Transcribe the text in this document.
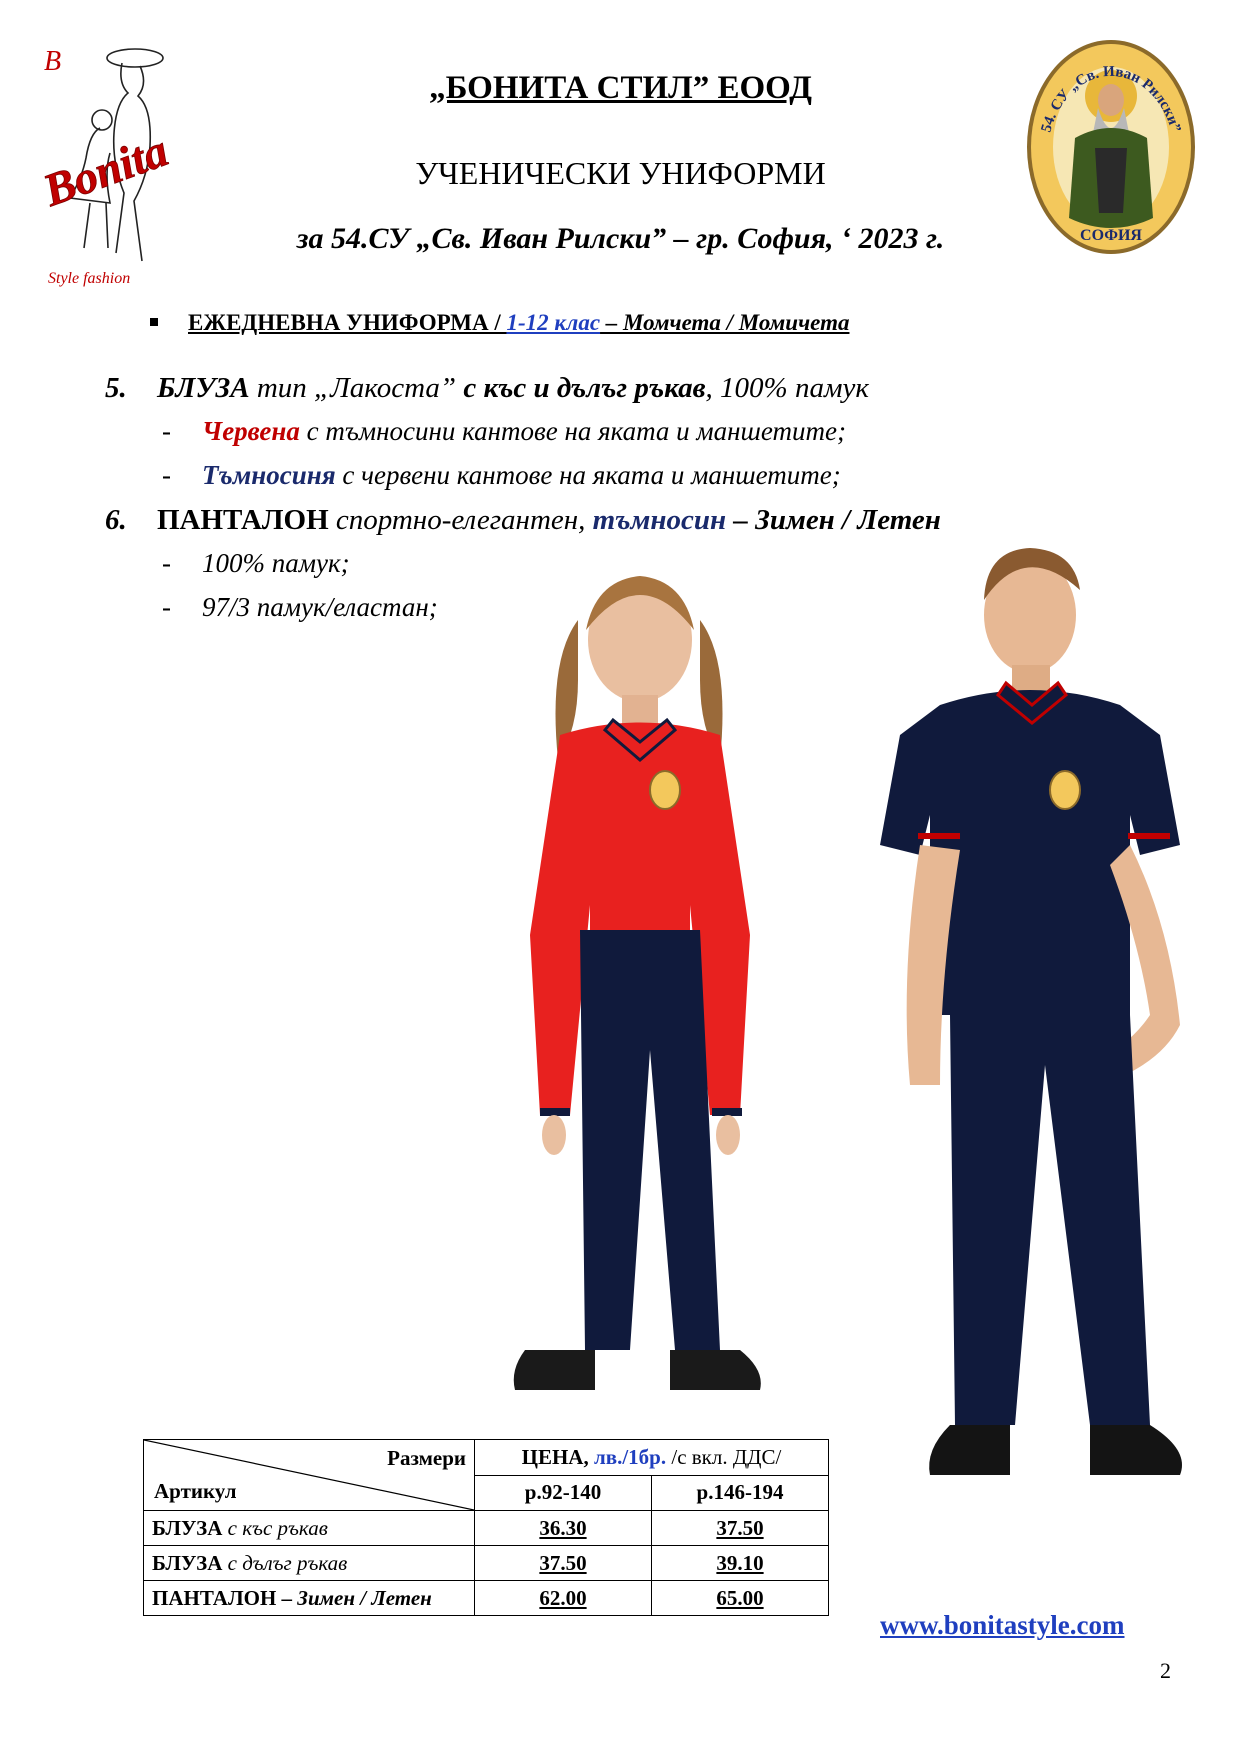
B
Bonita
Style fashion
54. СУ „Св. Иван Рилски”
СОФИЯ
„БОНИТА СТИЛ” ЕООД
УЧЕНИЧЕСКИ УНИФОРМИ
за 54.СУ „Св. Иван Рилски” – гр. София, ‘ 2023 г.
ЕЖЕДНЕВНА УНИФОРМА / 1-12 клас – Момчета / Момичета
5. БЛУЗА тип „Лакоста” с къс и дълъг ръкав, 100% памук
- Червена с тъмносини кантове на яката и маншетите;
- Тъмносиня с червени кантове на яката и маншетите;
6. ПАНТАЛОН спортно-елегантен, тъмносин – Зимен / Летен
- 100% памук;
- 97/3 памук/еластан;
Размери
Артикул	ЦЕНА, лв./1бр. /с вкл. ДДС/	
	р.92-140	р.146-194
БЛУЗА с къс ръкав	36.30	37.50
БЛУЗА с дълъг ръкав	37.50	39.10
ПАНТАЛОН – Зимен / Летен	62.00	65.00
www.bonitastyle.com
2
